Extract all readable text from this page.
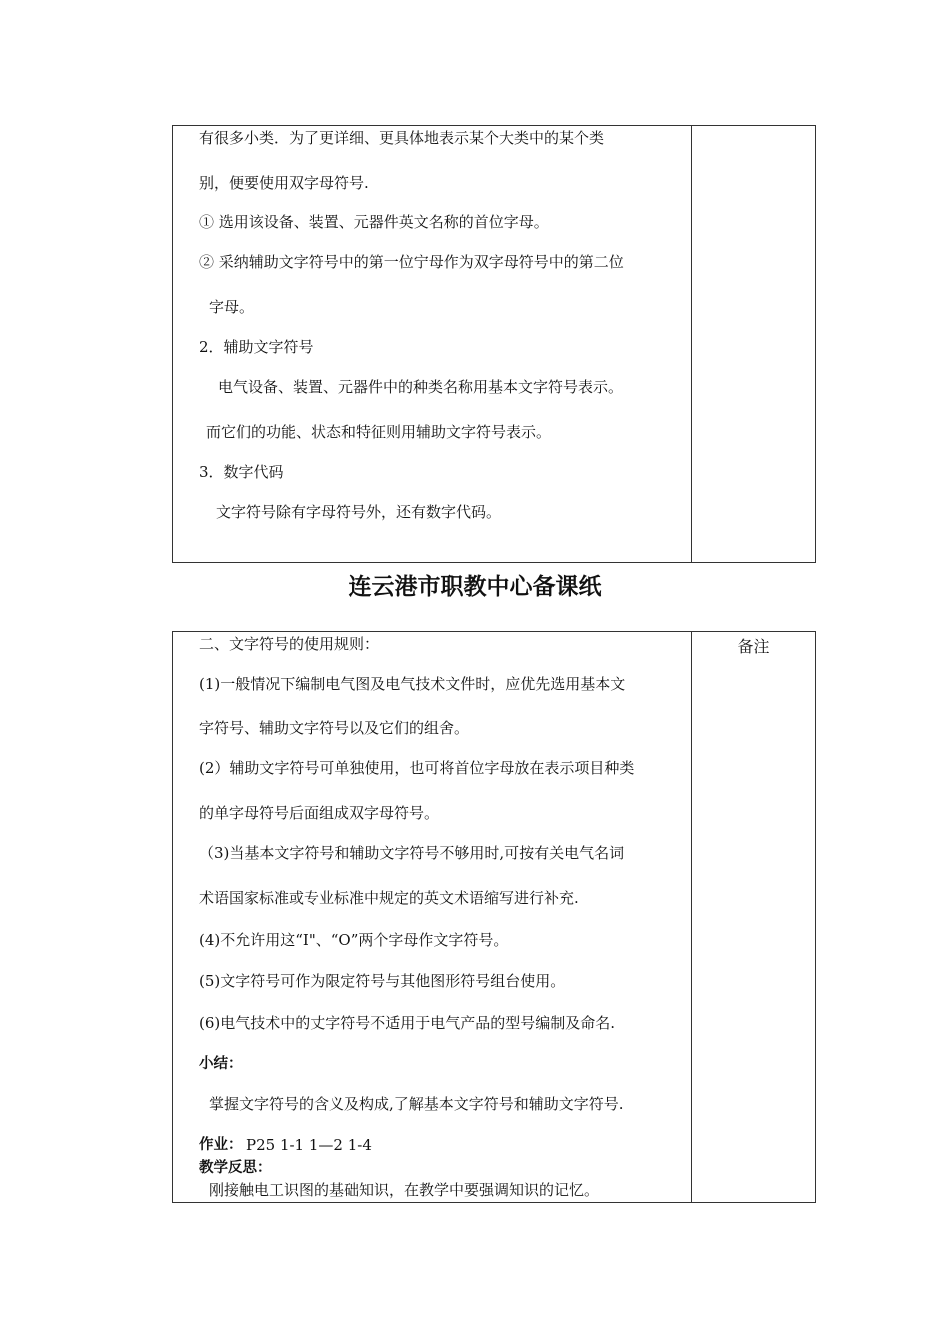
有很多小类．为了更详细、更具体地表示某个大类中的某个类
别，便要使用双字母符号.
① 选用该设备、装置、元器件英文名称的首位字母。
② 采纳辅助文字符号中的第一位宁母作为双字母符号中的第二位
字母。
2．辅助文字符号
电气设备、装置、元器件中的种类名称用基本文字符号表示。
而它们的功能、状态和特征则用辅助文字符号表示。
3．数字代码
文字符号除有字母符号外，还有数字代码。
连云港市职教中心备课纸
备注
二、文字符号的使用规则：
(1)一般情况下编制电气图及电气技术文件时，应优先选用基本文
字符号、辅助文字符号以及它们的组舍。
(2）辅助文字符号可单独使用，也可将首位字母放在表示项目种类
的单字母符号后面组成双字母符号。
（3)当基本文字符号和辅助文字符号不够用时,可按有关电气名词
术语国家标准或专业标准中规定的英文术语缩写进行补充.
(4)不允许用这“I"、“O”两个字母作文字符号。
(5)文字符号可作为限定符号与其他图形符号组台使用。
(6)电气技术中的丈字符号不适用于电气产品的型号编制及命名.
小结：
掌握文字符号的含义及构成,了解基本文字符号和辅助文字符号.
作业： P25 1-1 1—2 1-4
教学反思：
刚接触电工识图的基础知识，在教学中要强调知识的记忆。
